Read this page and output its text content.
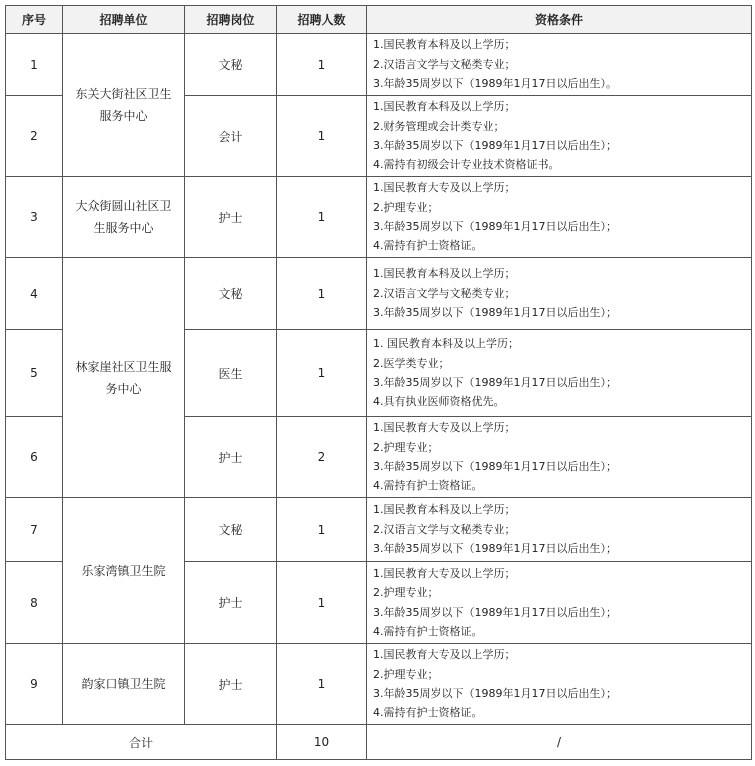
序号	招聘单位	招聘岗位	招聘人数	资格条件
1	东关大街社区卫生服务中心	文秘	1	1.国民教育本科及以上学历；
2.汉语言文学与文秘类专业；
3.年龄35周岁以下（1989年1月17日以后出生）。

2		会计	1	1.国民教育本科及以上学历；
2.财务管理或会计类专业；
3.年龄35周岁以下（1989年1月17日以后出生）；
4.需持有初级会计专业技术资格证书。

3	大众街圆山社区卫生服务中心	护士	1	1.国民教育大专及以上学历；
2.护理专业；
3.年龄35周岁以下（1989年1月17日以后出生）；
4.需持有护士资格证。

4	林家崖社区卫生服务中心	文秘	1	1.国民教育本科及以上学历；
2.汉语言文学与文秘类专业；
3.年龄35周岁以下（1989年1月17日以后出生）；

5		医生	1	1. 国民教育本科及以上学历；
2.医学类专业；
3.年龄35周岁以下（1989年1月17日以后出生）；
4.具有执业医师资格优先。

6		护士	2	1.国民教育大专及以上学历；
2.护理专业；
3.年龄35周岁以下（1989年1月17日以后出生）；
4.需持有护士资格证。

7	乐家湾镇卫生院	文秘	1	1.国民教育本科及以上学历；
2.汉语言文学与文秘类专业；
3.年龄35周岁以下（1989年1月17日以后出生）；

8		护士	1	1.国民教育大专及以上学历；
2.护理专业；
3.年龄35周岁以下（1989年1月17日以后出生）；
4.需持有护士资格证。

9	韵家口镇卫生院	护士	1	1.国民教育大专及以上学历；
2.护理专业；
3.年龄35周岁以下（1989年1月17日以后出生）；
4.需持有护士资格证。

合计			10	/
